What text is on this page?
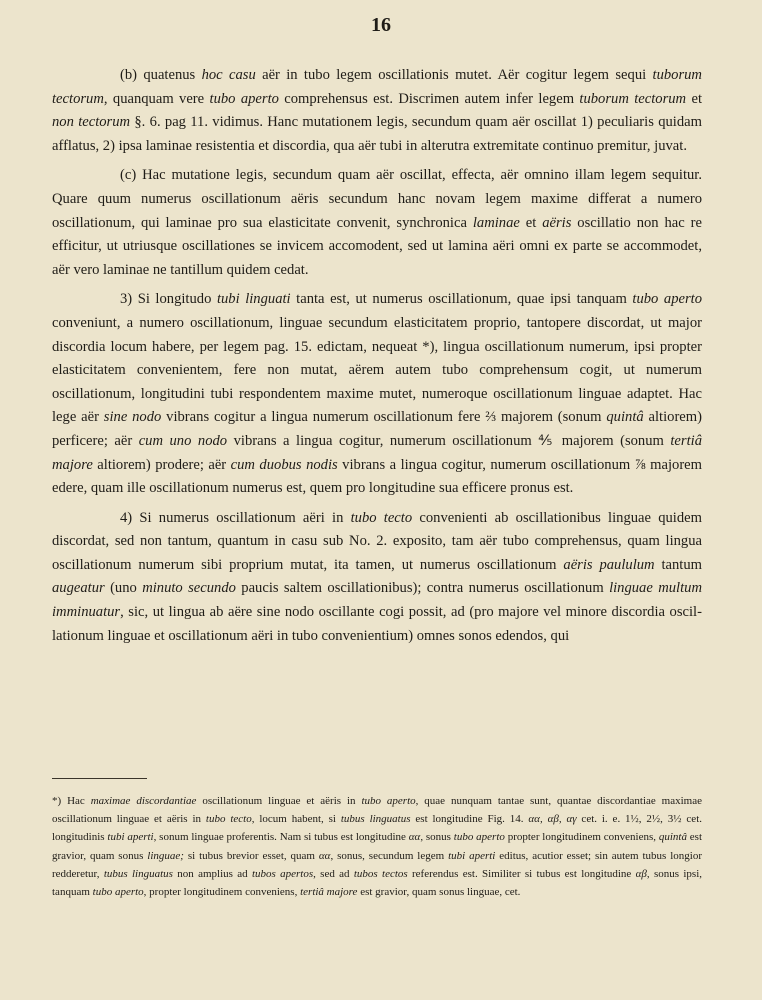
16

(b) quatenus hoc casu aër in tubo legem oscillationis mutet. Aër cogitur legem sequi tuborum tectorum, quanquam vere tubo aperto comprehensus est. Discrimen autem infer legem tuborum tectorum et non tectorum §. 6. pag 11. vidimus. Hanc mutationem legis, secundum quam aër oscillat 1) peculiaris quidam afflatus, 2) ipsa laminae resistentia et discordia, qua aër tubi in alterutra extremitate continuo premitur, juvat.

(c) Hac mutatione legis, secundum quam aër oscillat, effecta, aër omnino illam legem sequitur. Quare quum numerus oscillationum aëris secundum hanc novam legem maxime differat a numero oscillationum, qui laminae pro sua elasticitate convenit, synchronica laminae et aëris oscillatio non hac re efficitur, ut utriusque oscillationes se invicem accomodent, sed ut lamina aëri omni ex parte se accommodet, aër vero laminae ne tantillum quidem cedat.

3) Si longitudo tubi linguati tanta est, ut numerus oscillationum, quae ipsi tanquam tubo aperto conveniunt, a numero oscillationum, linguae secundum elasticitatem proprio, tantopere discordat, ut major discordia locum habere, per legem pag. 15. edictam, nequeat *), lingua oscillationum numerum, ipsi propter elasticitatem convenientem, fere non mutat, aërem autem tubo comprehensum cogit, ut numerum oscillationum, longitudini tubi respondentem maxime mutet, numeroque oscillationum linguae adaptet. Hac lege aër sine nodo vibrans cogitur a lingua numerum oscillationum fere ⅔ majorem (sonum quintâ altiorem) perficere; aër cum uno nodo vibrans a lingua cogitur, numerum oscillationum ⅘ majorem (sonum tertiâ majore altiorem) prodere; aër cum duobus nodis vibrans a lingua cogitur, numerum oscillationum ⅞ majorem edere, quam ille oscillationum numerus est, quem pro longitudine sua efficere pronus est.

4) Si numerus oscillationum aëri in tubo tecto convenienti ab oscillationibus linguae quidem discordat, sed non tantum, quantum in casu sub No. 2. exposito, tam aër tubo comprehensus, quam lingua oscillationum numerum sibi proprium mutat, ita tamen, ut numerus oscillationum aëris paululum tantum augeatur (uno minuto secundo paucis saltem oscillationibus); contra numerus oscillationum linguae multum imminuatur, sic, ut lingua ab aëre sine nodo oscillante cogi possit, ad (pro majore vel minore discordia oscillationum linguae et oscillationum aëri in tubo convenientium) omnes sonos edendos, qui

*) Hac maximae discordantiae oscillationum linguae et aëris in tubo aperto, quae nunquam tantae sunt, quantae discordantiae maximae oscillationum linguae et aëris in tubo tecto, locum habent, si tubus linguatus est longitudine Fig. 14. αα, αβ, αγ cet. i. e. 1½, 2½, 3½ cet. longitudinis tubi aperti, sonum linguae proferentis. Nam si tubus est longitudine αα, sonus tubo aperto propter longitudinem conveniens, quintâ est gravior, quam sonus linguae; si tubus brevior esset, quam αα, sonus, secundum legem tubi aperti editus, acutior esset; sin autem tubus longior redderetur, tubus linguatus non amplius ad tubos apertos, sed ad tubos tectos referendus est. Similiter si tubus est longitudine αβ, sonus ipsi, tanquam tubo aperto, propter longitudinem conveniens, tertiâ majore est gravior, quam sonus linguae, cet.
